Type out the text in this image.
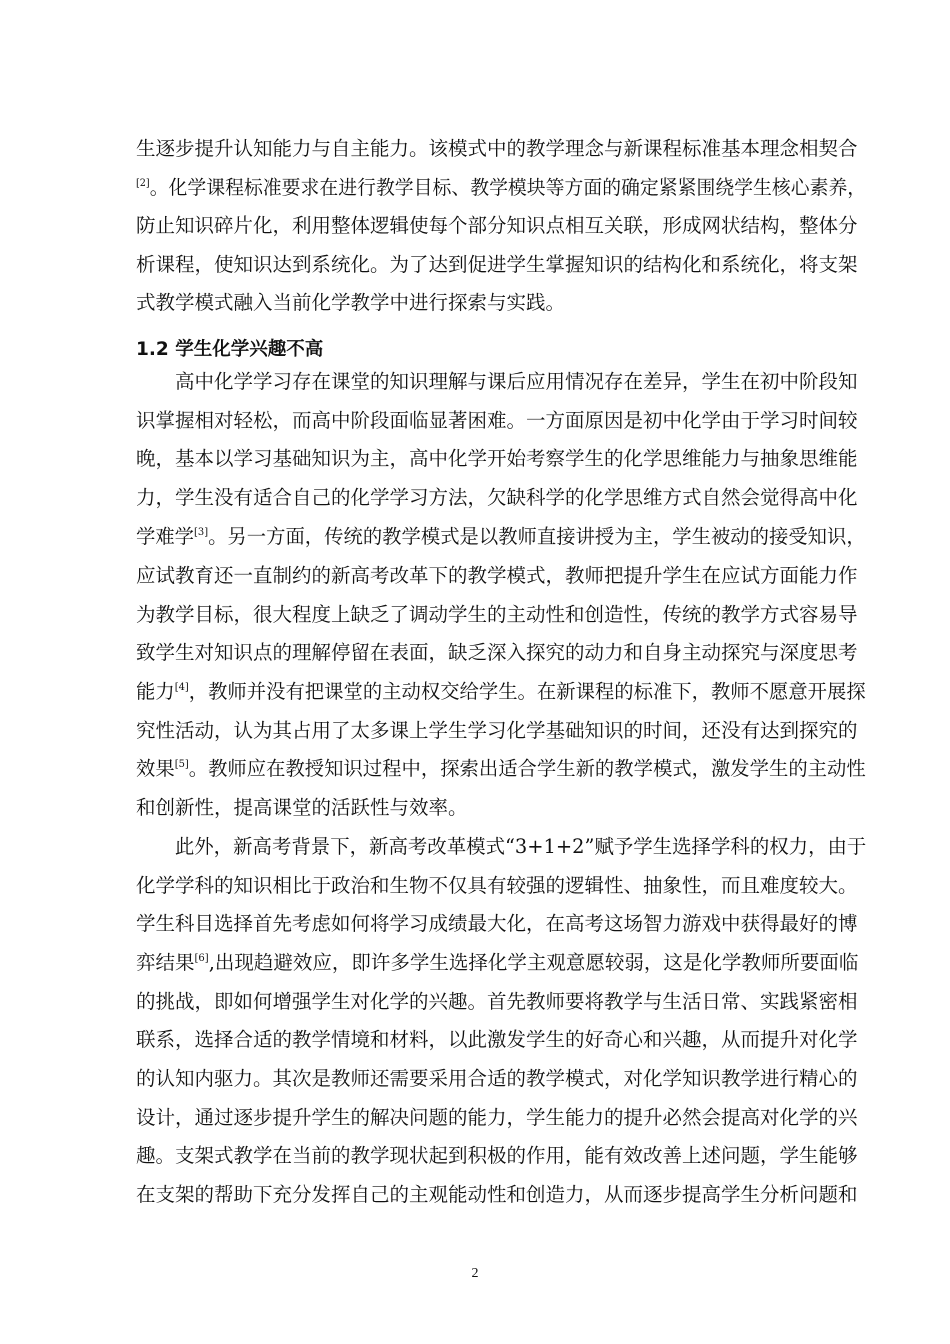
1.2 学生化学兴趣不高
生逐步提升认知能力与自主能力。该模式中的教学理念与新课程标准基本理念相契合
[2]。化学课程标准要求在进行教学目标、教学模块等方面的确定紧紧围绕学生核心素养，
防止知识碎片化，利用整体逻辑使每个部分知识点相互关联，形成网状结构，整体分
析课程，使知识达到系统化。为了达到促进学生掌握知识的结构化和系统化，将支架
式教学模式融入当前化学教学中进行探索与实践。
　　高中化学学习存在课堂的知识理解与课后应用情况存在差异，学生在初中阶段知
识掌握相对轻松，而高中阶段面临显著困难。一方面原因是初中化学由于学习时间较
晚，基本以学习基础知识为主，高中化学开始考察学生的化学思维能力与抽象思维能
力，学生没有适合自己的化学学习方法，欠缺科学的化学思维方式自然会觉得高中化
学难学[3]。另一方面，传统的教学模式是以教师直接讲授为主，学生被动的接受知识，
应试教育还一直制约的新高考改革下的教学模式，教师把提升学生在应试方面能力作
为教学目标，很大程度上缺乏了调动学生的主动性和创造性，传统的教学方式容易导
致学生对知识点的理解停留在表面，缺乏深入探究的动力和自身主动探究与深度思考
能力[4]，教师并没有把课堂的主动权交给学生。在新课程的标准下，教师不愿意开展探
究性活动，认为其占用了太多课上学生学习化学基础知识的时间，还没有达到探究的
效果[5]。教师应在教授知识过程中，探索出适合学生新的教学模式，激发学生的主动性
和创新性，提高课堂的活跃性与效率。
　　此外，新高考背景下，新高考改革模式“3+1+2”赋予学生选择学科的权力，由于
化学学科的知识相比于政治和生物不仅具有较强的逻辑性、抽象性，而且难度较大。
学生科目选择首先考虑如何将学习成绩最大化，在高考这场智力游戏中获得最好的博
弈结果[6],出现趋避效应，即许多学生选择化学主观意愿较弱，这是化学教师所要面临
的挑战，即如何增强学生对化学的兴趣。首先教师要将教学与生活日常、实践紧密相
联系，选择合适的教学情境和材料，以此激发学生的好奇心和兴趣，从而提升对化学
的认知内驱力。其次是教师还需要采用合适的教学模式，对化学知识教学进行精心的
设计，通过逐步提升学生的解决问题的能力，学生能力的提升必然会提高对化学的兴
趣。支架式教学在当前的教学现状起到积极的作用，能有效改善上述问题，学生能够
在支架的帮助下充分发挥自己的主观能动性和创造力，从而逐步提高学生分析问题和
2
